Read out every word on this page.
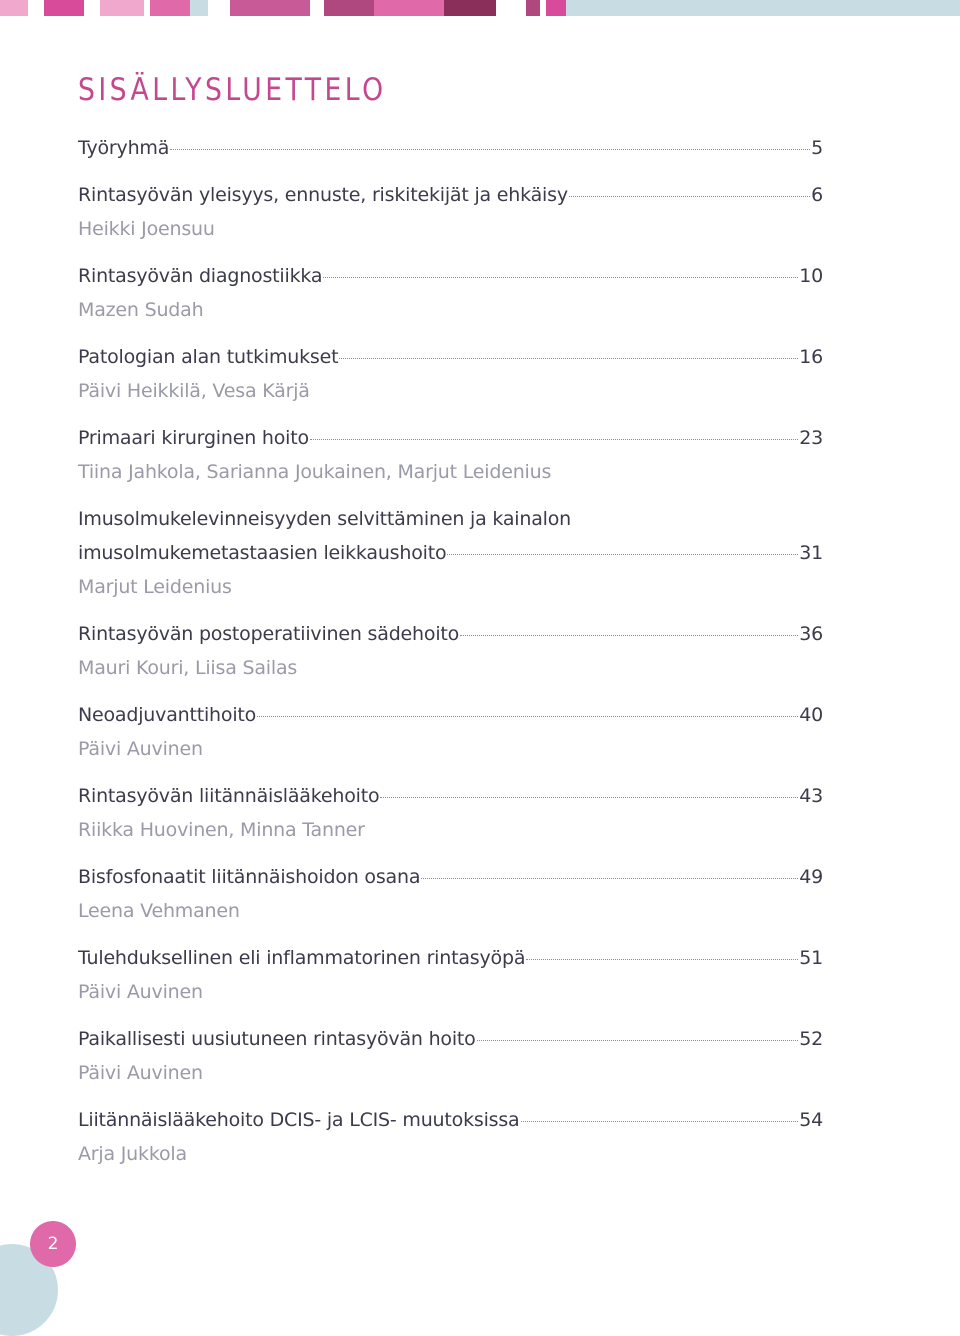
SISÄLLYSLUETTELO
Työryhmä	5
Rintasyövän yleisyys, ennuste, riskitekijät ja ehkäisy	6
Heikki Joensuu
Rintasyövän diagnostiikka	10
Mazen Sudah
Patologian alan tutkimukset	16
Päivi Heikkilä, Vesa Kärjä
Primaari kirurginen hoito	23
Tiina Jahkola, Sarianna Joukainen, Marjut Leidenius
Imusolmukelevinneisyyden selvittäminen ja kainalon
imusolmukemetastaasien leikkaushoito	31
Marjut Leidenius
Rintasyövän postoperatiivinen sädehoito	36
Mauri Kouri, Liisa Sailas
Neoadjuvanttihoito	40
Päivi Auvinen
Rintasyövän liitännäislääkehoito	43
Riikka Huovinen, Minna Tanner
Bisfosfonaatit liitännäishoidon osana	49
Leena Vehmanen
Tulehduksellinen eli inflammatorinen rintasyöpä	51
Päivi Auvinen
Paikallisesti uusiutuneen rintasyövän hoito	52
Päivi Auvinen
Liitännäislääkehoito DCIS- ja LCIS- muutoksissa	54
Arja Jukkola
2
